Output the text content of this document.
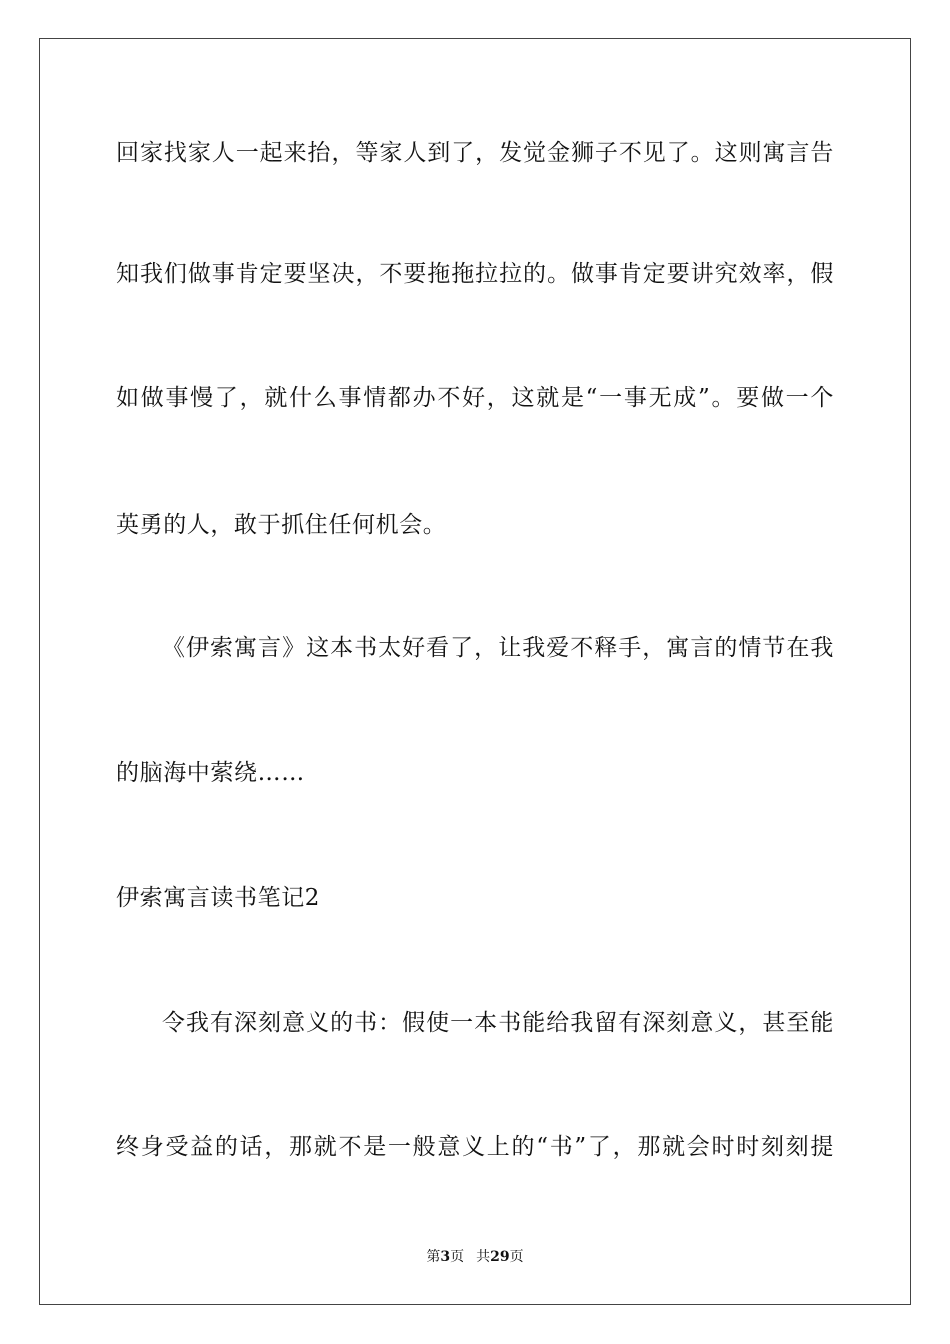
回家找家人一起来抬，等家人到了，发觉金狮子不见了。这则寓言告
知我们做事肯定要坚决，不要拖拖拉拉的。做事肯定要讲究效率，假
如做事慢了，就什么事情都办不好，这就是“一事无成”。要做一个
英勇的人，敢于抓住任何机会。
《伊索寓言》这本书太好看了，让我爱不释手，寓言的情节在我
的脑海中萦绕……
伊索寓言读书笔记2
令我有深刻意义的书：假使一本书能给我留有深刻意义，甚至能
终身受益的话，那就不是一般意义上的“书”了，那就会时时刻刻提
第3页 共29页
